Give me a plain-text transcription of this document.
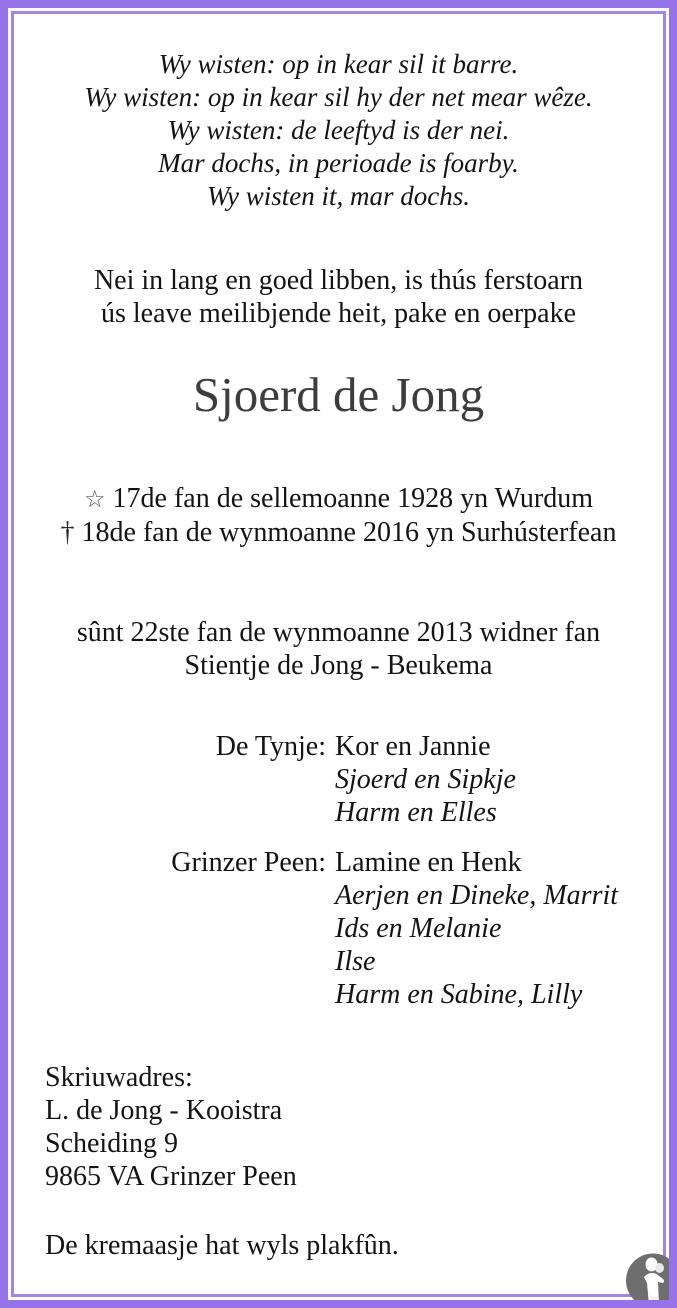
Wy wisten: op in kear sil it barre.
Wy wisten: op in kear sil hy der net mear wêze.
Wy wisten: de leeftyd is der nei.
Mar dochs, in perioade is foarby.
Wy wisten it, mar dochs.
Nei in lang en goed libben, is thús ferstoarn
ús leave meilibjende heit, pake en oerpake
Sjoerd de Jong
☆ 17de fan de sellemoanne 1928 yn Wurdum
† 18de fan de wynmoanne 2016 yn Surhústerfean
sûnt 22ste fan de wynmoanne 2013 widner fan
Stientje de Jong - Beukema
De Tynje: Kor en Jannie
Sjoerd en Sipkje
Harm en Elles
Grinzer Peen: Lamine en Henk
Aerjen en Dineke, Marrit
Ids en Melanie
Ilse
Harm en Sabine, Lilly
Skriuwadres:
L. de Jong - Kooistra
Scheiding 9
9865 VA Grinzer Peen
De kremaasje hat wyls plakfûn.
